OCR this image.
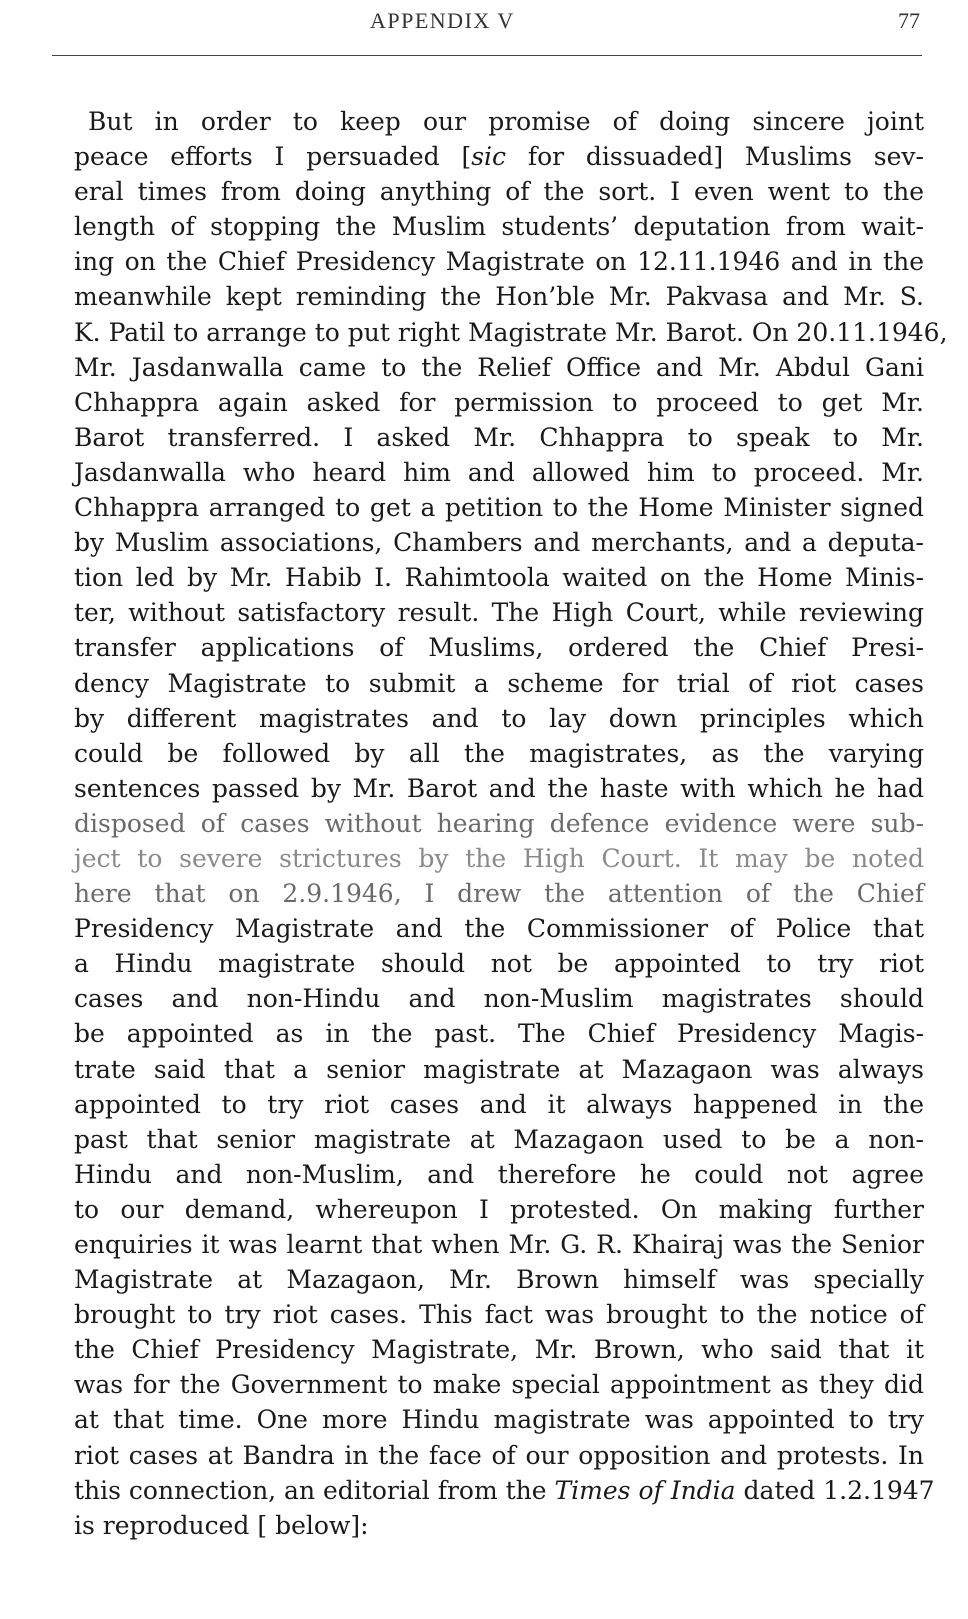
APPENDIX V	77
But in order to keep our promise of doing sincere joint
peace efforts I persuaded [sic for dissuaded] Muslims sev-
eral times from doing anything of the sort. I even went to the
length of stopping the Muslim students’ deputation from wait-
ing on the Chief Presidency Magistrate on 12.11.1946 and in the
meanwhile kept reminding the Hon’ble Mr. Pakvasa and Mr. S.
K. Patil to arrange to put right Magistrate Mr. Barot. On 20.11.1946,
Mr. Jasdanwalla came to the Relief Office and Mr. Abdul Gani
Chhappra again asked for permission to proceed to get Mr.
Barot transferred. I asked Mr. Chhappra to speak to Mr.
Jasdanwalla who heard him and allowed him to proceed. Mr.
Chhappra arranged to get a petition to the Home Minister signed
by Muslim associations, Chambers and merchants, and a deputa-
tion led by Mr. Habib I. Rahimtoola waited on the Home Minis-
ter, without satisfactory result. The High Court, while reviewing
transfer applications of Muslims, ordered the Chief Presi-
dency Magistrate to submit a scheme for trial of riot cases
by different magistrates and to lay down principles which
could be followed by all the magistrates, as the varying
sentences passed by Mr. Barot and the haste with which he had
disposed of cases without hearing defence evidence were sub-
ject to severe strictures by the High Court. It may be noted
here that on 2.9.1946, I drew the attention of the Chief
Presidency Magistrate and the Commissioner of Police that
a Hindu magistrate should not be appointed to try riot
cases and non-Hindu and non-Muslim magistrates should
be appointed as in the past. The Chief Presidency Magis-
trate said that a senior magistrate at Mazagaon was always
appointed to try riot cases and it always happened in the
past that senior magistrate at Mazagaon used to be a non-
Hindu and non-Muslim, and therefore he could not agree
to our demand, whereupon I protested. On making further
enquiries it was learnt that when Mr. G. R. Khairaj was the Senior
Magistrate at Mazagaon, Mr. Brown himself was specially
brought to try riot cases. This fact was brought to the notice of
the Chief Presidency Magistrate, Mr. Brown, who said that it
was for the Government to make special appointment as they did
at that time. One more Hindu magistrate was appointed to try
riot cases at Bandra in the face of our opposition and protests. In
this connection, an editorial from the Times of India dated 1.2.1947
is reproduced [ below]:
